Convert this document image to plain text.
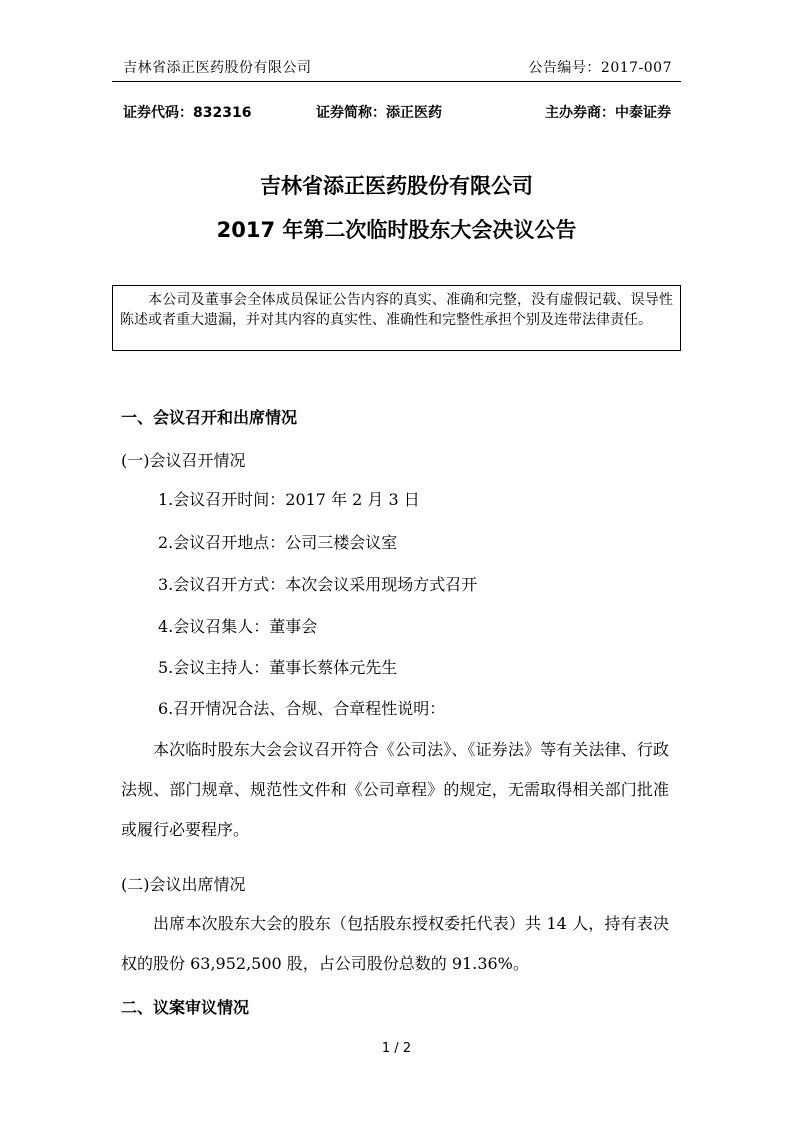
吉林省添正医药股份有限公司	公告编号：2017-007
证券代码：832316	证券简称：添正医药	主办券商：中泰证券
吉林省添正医药股份有限公司
2017 年第二次临时股东大会决议公告
本公司及董事会全体成员保证公告内容的真实、准确和完整，没有虚假记载、误导性陈述或者重大遗漏，并对其内容的真实性、准确性和完整性承担个别及连带法律责任。
一、会议召开和出席情况
(一)会议召开情况
1.会议召开时间：2017 年 2 月 3 日
2.会议召开地点：公司三楼会议室
3.会议召开方式：本次会议采用现场方式召开
4.会议召集人：董事会
5.会议主持人：董事长蔡体元先生
6.召开情况合法、合规、合章程性说明：
本次临时股东大会会议召开符合《公司法》、《证券法》等有关法律、行政法规、部门规章、规范性文件和《公司章程》的规定，无需取得相关部门批准或履行必要程序。
(二)会议出席情况
出席本次股东大会的股东（包括股东授权委托代表）共 14 人，持有表决权的股份 63,952,500 股，占公司股份总数的 91.36%。
二、议案审议情况
1 / 2
